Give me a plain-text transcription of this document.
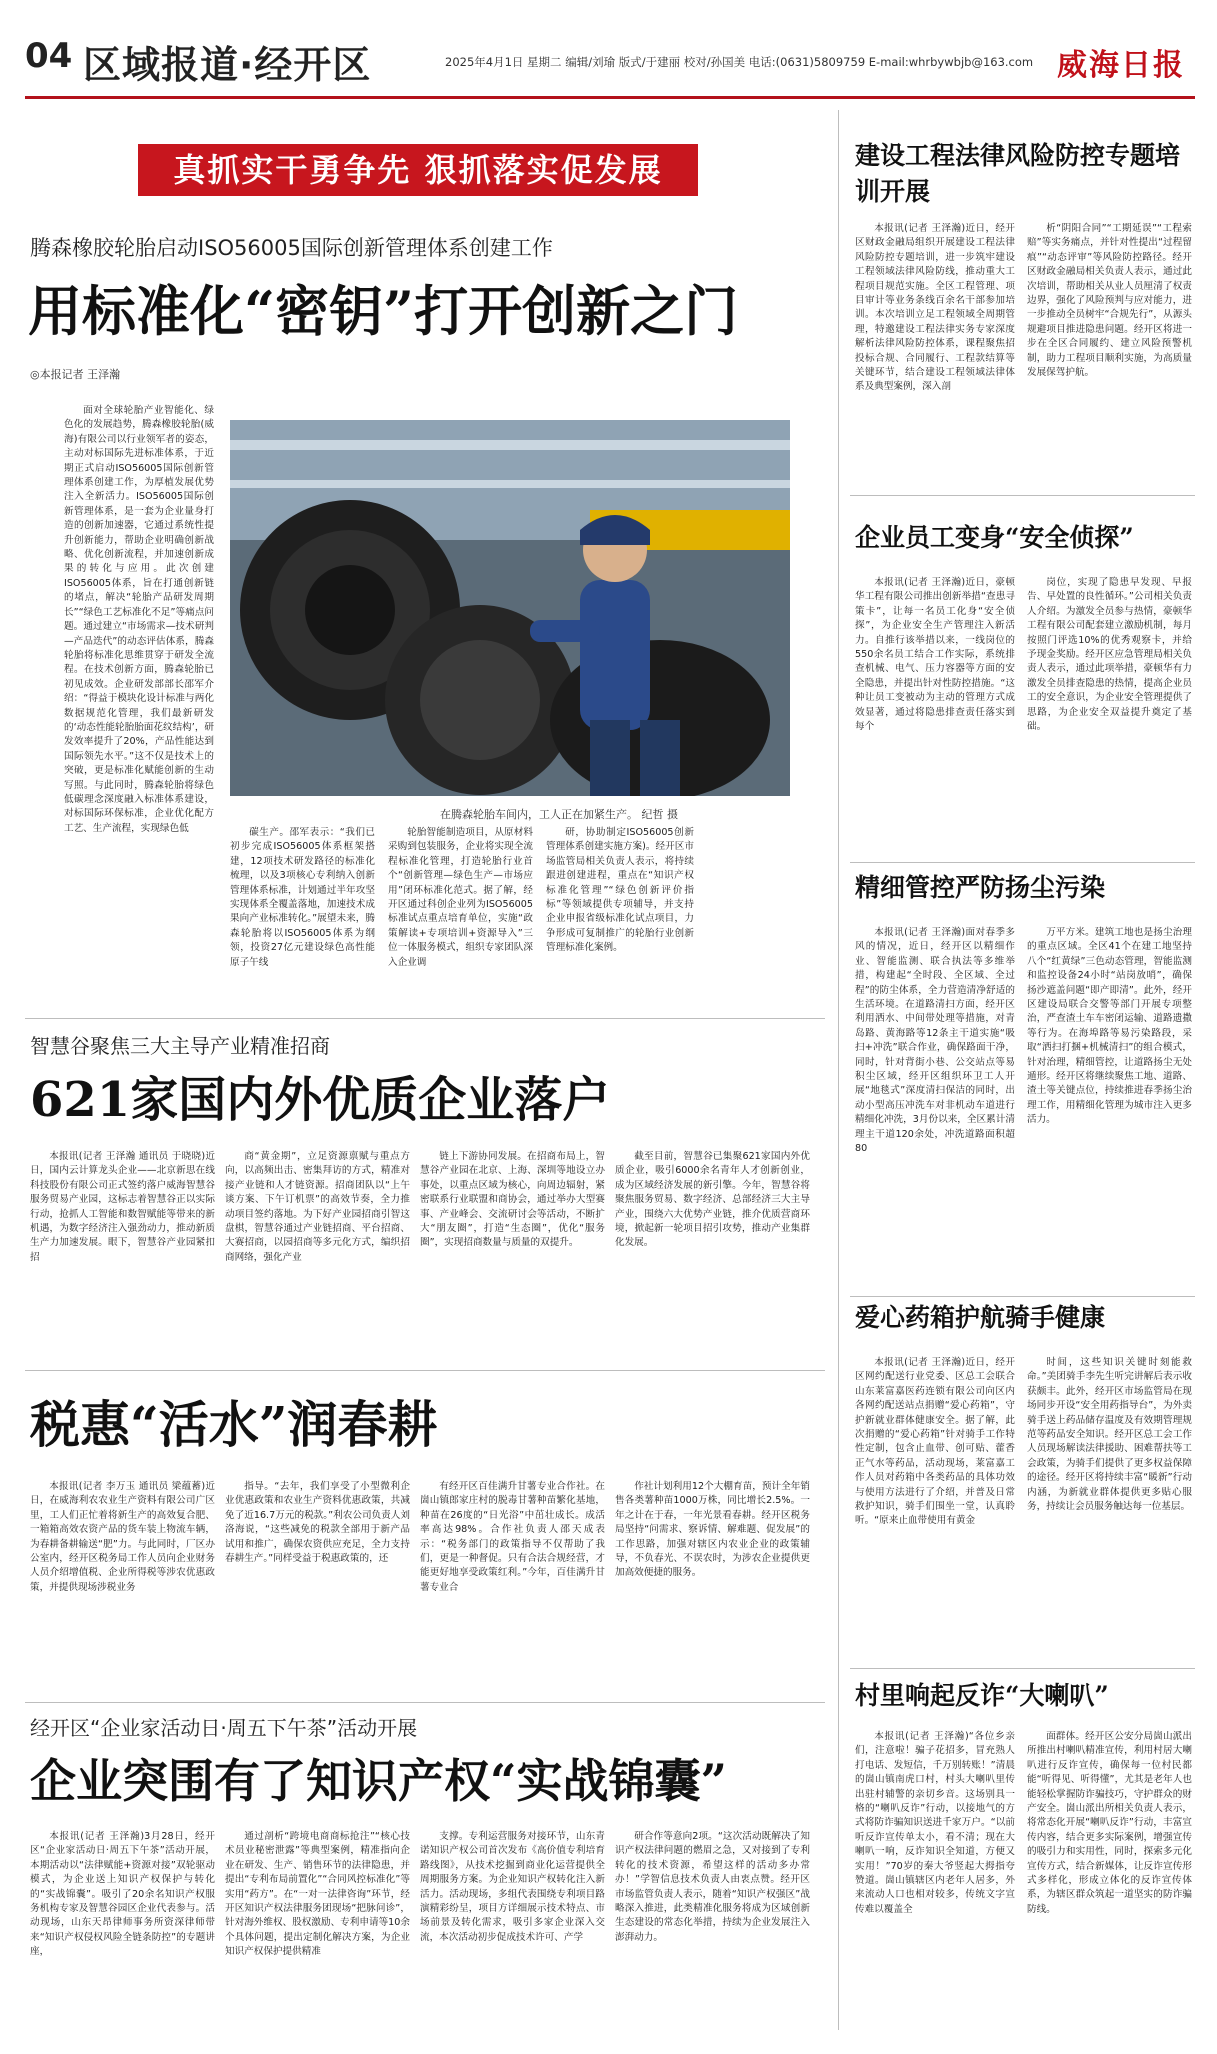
04 区域报道·经开区	2025年4月1日 星期二 编辑/刘瑜 版式/于建丽 校对/孙国美 电话:(0631)5809759 E-mail:whrbywbjb@163.com 威海日报
真抓实干勇争先 狠抓落实促发展
腾森橡胶轮胎启动ISO56005国际创新管理体系创建工作
用标准化“密钥”打开创新之门
◎本报记者 王泽瀚

面对全球轮胎产业智能化、绿色化的发展趋势，腾森橡胶轮胎(威海)有限公司以行业领军者的姿态，主动对标国际先进标准体系，于近期正式启动ISO56005国际创新管理体系创建工作，为厚植发展优势注入全新活力。ISO56005国际创新管理体系，是一套为企业量身打造的创新加速器，它通过系统性提升创新能力，帮助企业明确创新战略、优化创新流程，并加速创新成果的转化与应用。此次创建ISO56005体系，旨在打通创新链的堵点，解决“轮胎产品研发周期长”“绿色工艺标准化不足”等痛点问题。通过建立“市场需求—技术研判—产品迭代”的动态评估体系，腾森轮胎将标准化思维贯穿于研发全流程。在技术创新方面，腾森轮胎已初见成效。企业研发部部长邵军介绍：“得益于模块化设计标准与两化数据规范化管理，我们最新研发的‘动态性能轮胎胎面花纹结构’，研发效率提升了20%，产品性能达到国际领先水平。”这不仅是技术上的突破，更是标准化赋能创新的生动写照。与此同时，腾森轮胎将绿色低碳理念深度融入标准体系建设，对标国际环保标准，企业优化配方工艺、生产流程，实现绿色低

在腾森轮胎车间内，工人正在加紧生产。 纪哲 摄

碳生产。邵军表示：“我们已初步完成ISO56005体系框架搭建，12项技术研发路径的标准化梳理，以及3项核心专利纳入创新管理体系标准，计划通过半年攻坚实现体系全覆盖落地，加速技术成果向产业标准转化。”展望未来，腾森轮胎将以ISO56005体系为纲领，投资27亿元建设绿色高性能原子午线

轮胎智能制造项目，从原材料采购到包装服务，企业将实现全流程标准化管理，打造轮胎行业首个“创新管理—绿色生产—市场应用”闭环标准化范式。据了解，经开区通过科创企业列为ISO56005标准试点重点培育单位，实施“政策解读+专项培训+资源导入”三位一体服务模式，组织专家团队深入企业调

研，协助制定ISO56005创新管理体系创建实施方案)。经开区市场监管局相关负责人表示，将持续跟进创建进程，重点在“知识产权标准化管理”“绿色创新评价指标”等领域提供专项辅导，并支持企业申报省级标准化试点项目，力争形成可复制推广的轮胎行业创新管理标准化案例。

智慧谷聚焦三大主导产业精准招商
621家国内外优质企业落户

本报讯(记者 王泽瀚 通讯员 于晓晓)近日，国内云计算龙头企业——北京新思在线科技股份有限公司正式签约落户威海智慧谷服务贸易产业园，这标志着智慧谷正以实际行动，抢抓人工智能和数智赋能等带来的新机遇，为数字经济注入强劲动力，推动新质生产力加速发展。眼下，智慧谷产业园紧扣招

商“黄金期”，立足资源禀赋与重点方向，以高频出击、密集拜访的方式，精准对接产业链和人才链资源。招商团队以“上午谈方案、下午订机票”的高效节奏，全力推动项目签约落地。为下好产业园招商引智这盘棋，智慧谷通过产业链招商、平台招商、大赛招商，以园招商等多元化方式，编织招商网络，强化产业

链上下游协同发展。在招商布局上，智慧谷产业园在北京、上海、深圳等地设立办事处，以重点区域为核心，向周边辐射，紧密联系行业联盟和商协会，通过举办大型赛事、产业峰会、交流研讨会等活动，不断扩大“朋友圈”，打造“生态圈”，优化“服务圈”，实现招商数量与质量的双提升。

截至目前，智慧谷已集聚621家国内外优质企业，吸引6000余名青年人才创新创业，成为区域经济发展的新引擎。今年，智慧谷将聚焦服务贸易、数字经济、总部经济三大主导产业，围绕六大优势产业链，推介优质营商环境，掀起新一轮项目招引攻势，推动产业集群化发展。

税惠“活水”润春耕

本报讯(记者 李万玉 通讯员 梁蕴蓄)近日，在威海利农农业生产资料有限公司广区里，工人们正忙着将新生产的高效复合肥、一箱箱高效农资产品的货车装上物流车辆，为春耕备耕输送“肥”力。与此同时，厂区办公室内，经开区税务局工作人员向企业财务人员介绍增值税、企业所得税等涉农优惠政策，并提供现场涉税业务

指导。“去年，我们享受了小型微利企业优惠政策和农业生产资料优惠政策，共减免了近16.7万元的税款。”利农公司负责人刘洛海说，“这些减免的税款全部用于新产品试用和推广，确保农资供应充足，全力支持春耕生产。”同样受益于税惠政策的，还

有经开区百佳满升甘薯专业合作社。在崮山镇郎家庄村的脱毒甘薯种苗繁化基地，种苗在26度的“日光浴”中茁壮成长。成活率高达98%。合作社负责人邵天成表示：“税务部门的政策指导不仅帮助了我们，更是一种督促。只有合法合规经营，才能更好地享受政策红利。”今年，百佳满升甘薯专业合

作社计划利用12个大棚育苗，预计全年销售各类薯种苗1000万株，同比增长2.5%。一年之计在于春，一年光景看春耕。经开区税务局坚持“问需求、察诉情、解难题、促发展”的工作思路，加强对辖区内农业企业的政策辅导，不负春光、不误农时，为涉农企业提供更加高效便捷的服务。

经开区“企业家活动日·周五下午茶”活动开展
企业突围有了知识产权“实战锦囊”

本报讯(记者 王泽瀚)3月28日，经开区“企业家活动日·周五下午茶”活动开展，本期活动以“法律赋能+资源对接”双轮驱动模式，为企业送上知识产权保护与转化的“实战锦囊”。吸引了20余名知识产权服务机构专家及智慧谷园区企业代表参与。活动现场，山东天昂律师事务所资深律师带来“知识产权侵权风险全链条防控”的专题讲座，

通过剖析“跨境电商商标抢注”“核心技术员业秘密泄露”等典型案例，精准指向企业在研发、生产、销售环节的法律隐患，并提出“专利布局前置化”“合同风控标准化”等实用“药方”。在“一对一法律咨询”环节，经开区知识产权法律服务团现场“把脉问诊”，针对海外维权、股权激励、专利申请等10余个具体问题，提出定制化解决方案，为企业知识产权保护提供精准

支撑。专利运营服务对接环节，山东青诺知识产权公司首次发布《高价值专利培育路线图》，从技术挖掘到商业化运营提供全周期服务方案。为企业知识产权转化注入新活力。活动现场，多组代表围绕专利项目路演精彩纷呈，项目方详细展示技术特点、市场前景及转化需求，吸引多家企业深入交流，本次活动初步促成技术许可、产学

研合作等意向2项。“这次活动既解决了知识产权法律问题的燃眉之急，又对接到了专利转化的技术资源，希望这样的活动多办常办！”学智信息技术负责人由衷点赞。经开区市场监管负责人表示，随着“知识产权强区”战略深入推进，此类精准化服务将成为区域创新生态建设的常态化举措，持续为企业发展注入澎湃动力。

建设工程法律风险防控专题培训开展

本报讯(记者 王泽瀚)近日，经开区财政金融局组织开展建设工程法律风险防控专题培训，进一步筑牢建设工程领域法律风险防线，推动重大工程项目规范实施。全区工程管理、项目审计等业务条线百余名干部参加培训。本次培训立足工程领域全周期管理，特邀建设工程法律实务专家深度解析法律风险防控体系，课程聚焦招投标合规、合同履行、工程款结算等关键环节，结合建设工程领域法律体系及典型案例，深入剖

析“阴阳合同”“工期延误”“工程索赔”等实务痛点，并针对性提出“过程留痕”“动态评审”等风险防控路径。经开区财政金融局相关负责人表示，通过此次培训，帮助相关从业人员厘清了权责边界，强化了风险预判与应对能力，进一步推动全员树牢“合规先行”，从源头规避项目推进隐患问题。经开区将进一步在全区合同履约、建立风险预警机制，助力工程项目顺利实施，为高质量发展保驾护航。

企业员工变身“安全侦探”

本报讯(记者 王泽瀚)近日，豪顿华工程有限公司推出创新举措“查患寻策卡”，让每一名员工化身“安全侦探”，为企业安全生产管理注入新活力。自推行该举措以来，一线岗位的550余名员工结合工作实际，系统排查机械、电气、压力容器等方面的安全隐患，并提出针对性防控措施。“这种让员工变被动为主动的管理方式成效显著，通过将隐患排查责任落实到每个

岗位，实现了隐患早发现、早报告、早处置的良性循环。”公司相关负责人介绍。为激发全员参与热情，豪顿华工程有限公司配套建立激励机制，每月按照门评选10%的优秀观察卡，并给予现金奖励。经开区应急管理局相关负责人表示，通过此项举措，豪顿华有力激发全员排查隐患的热情，提高企业员工的安全意识，为企业安全管理提供了思路，为企业安全双益提升奠定了基础。

精细管控严防扬尘污染

本报讯(记者 王泽瀚)面对春季多风的情况，近日，经开区以精细作业、智能监测、联合执法等多维举措，构建起“全时段、全区域、全过程”的防尘体系，全力营造清净舒适的生活环境。在道路清扫方面，经开区利用洒水、中间带处理等措施，对青岛路、黄海路等12条主干道实施“吸扫+冲洗”联合作业，确保路面干净，同时，针对背街小巷、公交站点等易积尘区域，经开区组织环卫工人开展“地毯式”深度清扫保洁的同时，出动小型高压冲洗车对非机动车道进行精细化冲洗，3月份以来，全区累计清理主干道120余处，冲洗道路面积超80

万平方米。建筑工地也是扬尘治理的重点区域。全区41个在建工地坚持八个“红黄绿”三色动态管理，智能监测和监控设备24小时“站岗放哨”，确保扬沙遮盖问题“即产即清”。此外，经开区建设局联合交警等部门开展专项整治，严查渣土车车密闭运输、道路遗撒等行为。在海埠路等易污染路段，采取“洒扫打捆+机械清扫”的组合模式，针对治理，精细管控，让道路扬尘无处遁形。经开区将继续聚焦工地、道路、渣土等关键点位，持续推进春季扬尘治理工作，用精细化管理为城市注入更多活力。

爱心药箱护航骑手健康

本报讯(记者 王泽瀚)近日，经开区网约配送行业党委、区总工会联合山东莱富嘉医药连锁有限公司向区内各网约配送站点捐赠“爱心药箱”，守护新就业群体健康安全。据了解，此次捐赠的“爱心药箱”针对骑手工作特性定制，包含止血带、创可贴、藿香正气水等药品，活动现场，莱富嘉工作人员对药箱中各类药品的具体功效与使用方法进行了介绍，并普及日常救护知识，骑手们围坐一堂，认真聆听。“原来止血带使用有黄金

时间，这些知识关键时刻能救命。”美团骑手李先生听完讲解后表示收获颇丰。此外，经开区市场监管局在现场同步开设“安全用药指导台”，为外卖骑手送上药品储存温度及有效期管理规范等药品安全知识。经开区总工会工作人员现场解读法律援助、困难帮扶等工会政策，为骑手们提供了更多权益保障的途径。经开区将持续丰富“暖新”行动内涵，为新就业群体提供更多贴心服务，持续让会员服务触达每一位基层。

村里响起反诈“大喇叭”

本报讯(记者 王泽瀚)“各位乡亲们，注意啦！骗子花招多，冒充熟人打电话、发短信，千万别转账！”清晨的崮山镇南虎口村，村头大喇叭里传出驻村辅警的亲切乡音。这场别具一格的“喇叭反诈”行动，以接地气的方式将防诈骗知识送进千家万户。“以前听反诈宣传单太小，看不清；现在大喇叭一响，反诈知识全知道，方便又实用！”70岁的秦大爷竖起大拇指夸赞道。崮山镇辖区内老年人居多，外来流动人口也相对较多，传统文字宣传难以覆盖全

面群体。经开区公安分局崮山派出所推出村喇叭精准宣传，利用村居大喇叭进行反诈宣传，确保每一位村民都能“听得见、听得懂”，尤其是老年人也能轻松掌握防诈骗技巧，守护群众的财产安全。崮山派出所相关负责人表示，将常态化开展“喇叭反诈”行动，丰富宣传内容，结合更多实际案例，增强宣传的吸引力和实用性，同时，探索多元化宣传方式，结合新媒体，让反诈宣传形式多样化，形成立体化的反诈宣传体系，为辖区群众筑起一道坚实的防诈骗防线。
